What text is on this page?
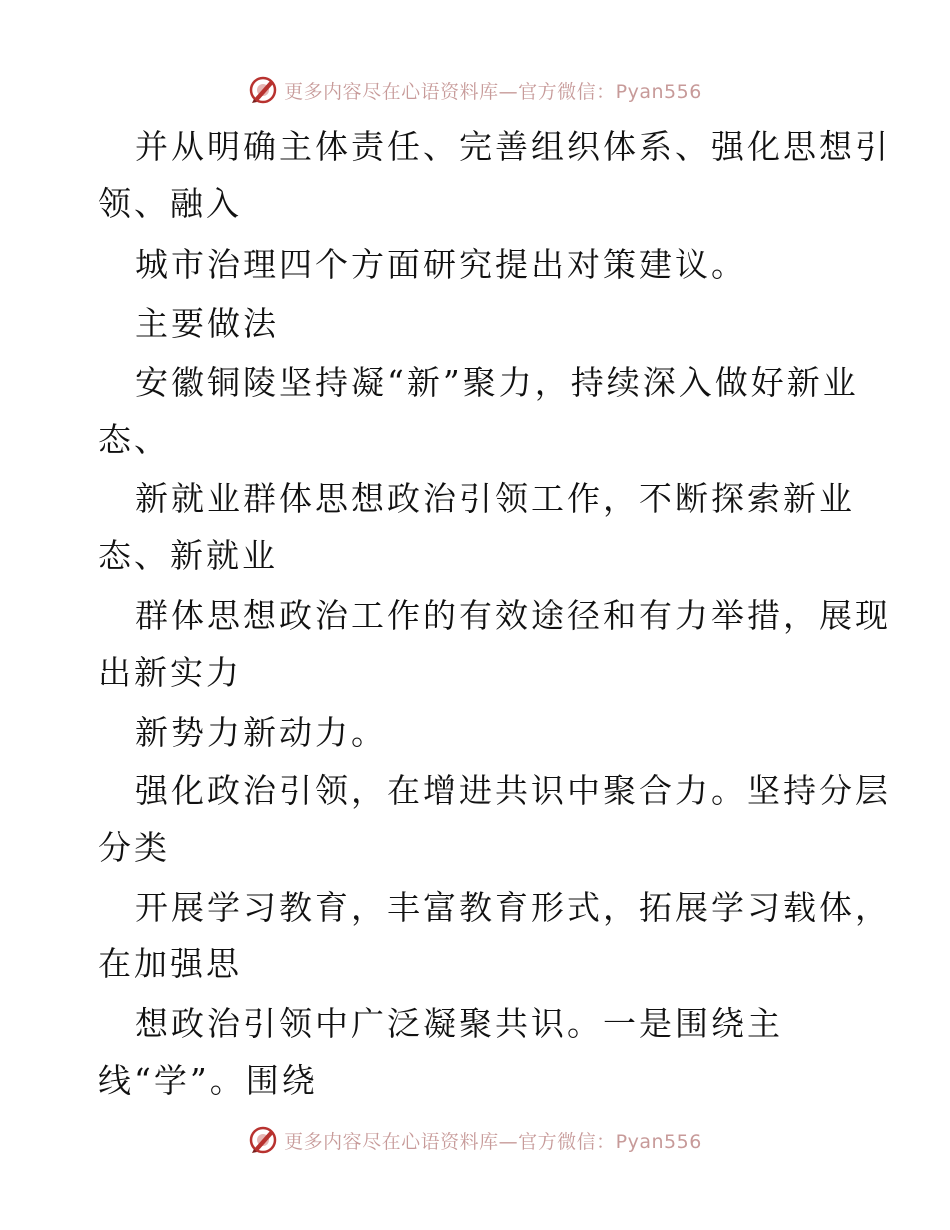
更多内容尽在心语资料库—官方微信：Pyan556
并从明确主体责任、完善组织体系、强化思想引
领、融入
城市治理四个方面研究提出对策建议。
主要做法
安徽铜陵坚持凝“新”聚力，持续深入做好新业
态、
新就业群体思想政治引领工作，不断探索新业
态、新就业
群体思想政治工作的有效途径和有力举措，展现
出新实力
新势力新动力。
强化政治引领，在增进共识中聚合力。坚持分层
分类
开展学习教育，丰富教育形式，拓展学习载体，
在加强思
想政治引领中广泛凝聚共识。一是围绕主
线“学”。围绕
更多内容尽在心语资料库—官方微信：Pyan556
